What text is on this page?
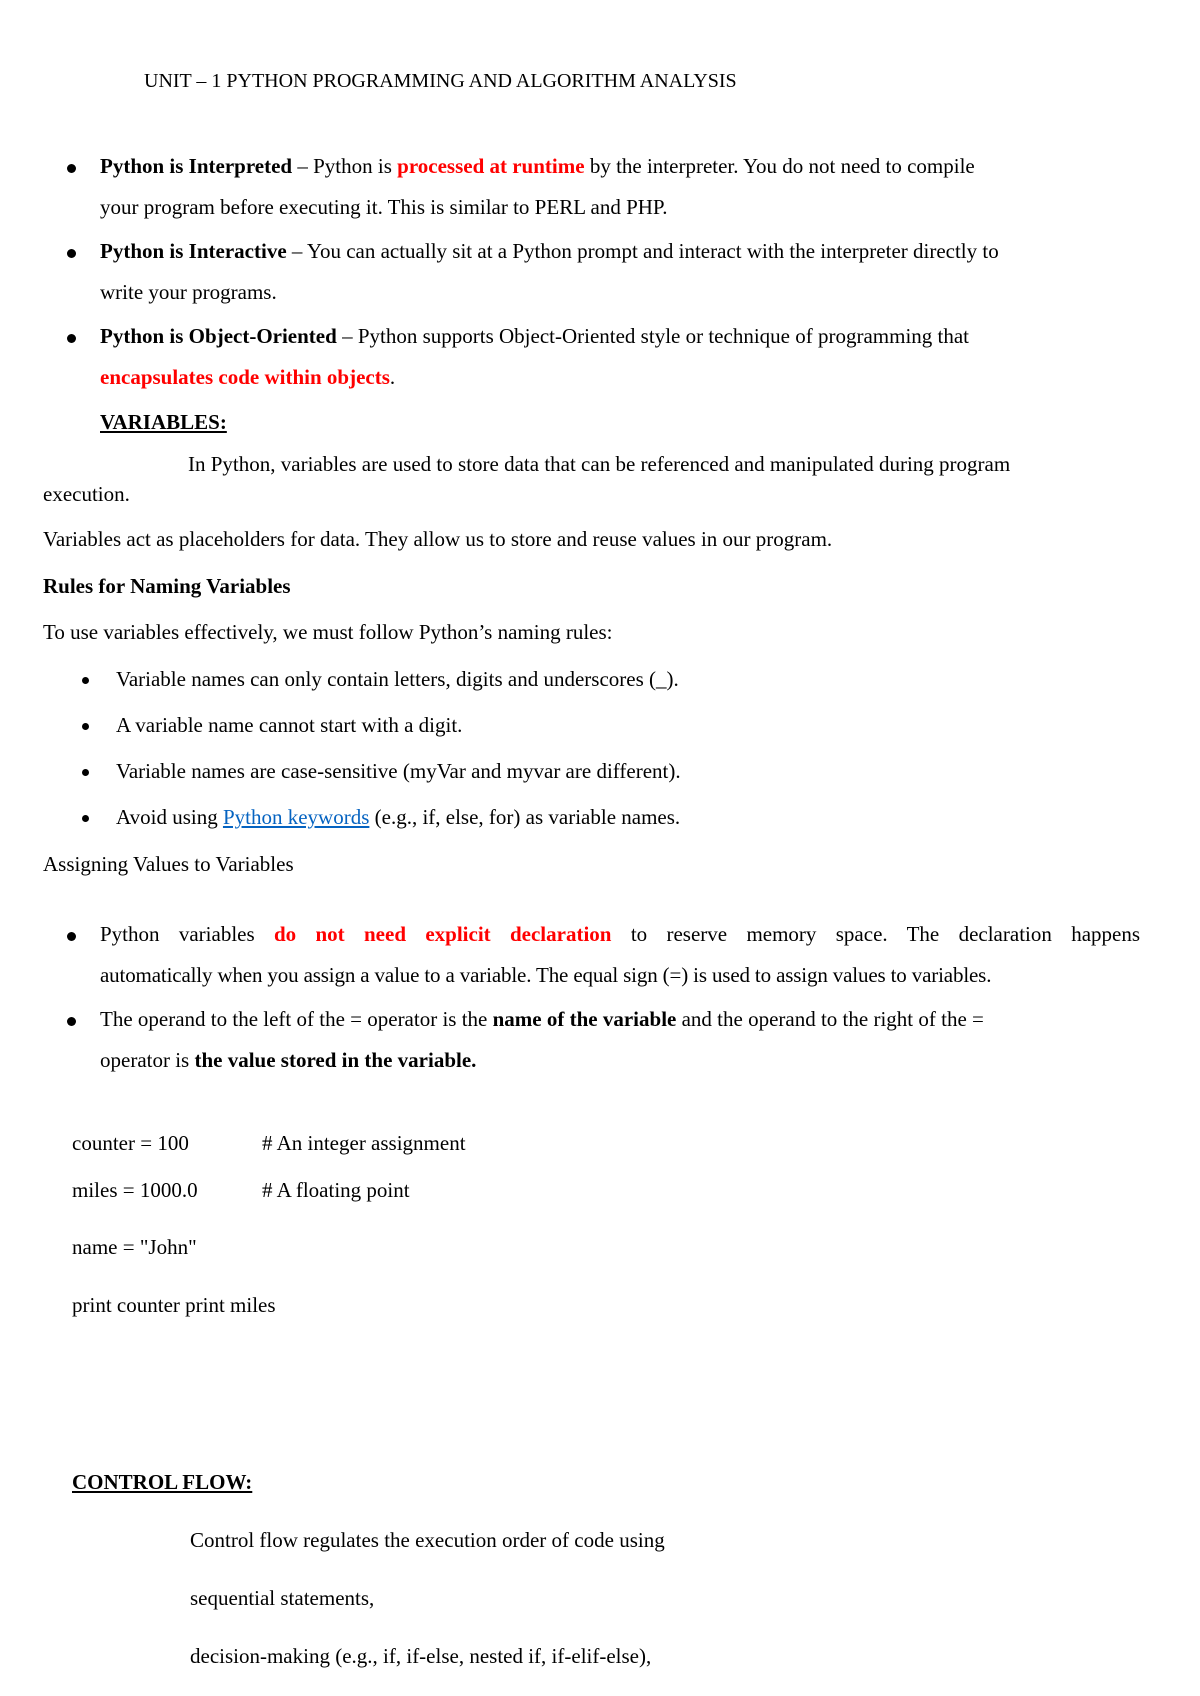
UNIT – 1 PYTHON PROGRAMMING AND ALGORITHM ANALYSIS
Python is Interpreted – Python is processed at runtime by the interpreter. You do not need to compile
your program before executing it. This is similar to PERL and PHP.
Python is Interactive – You can actually sit at a Python prompt and interact with the interpreter directly to
write your programs.
Python is Object-Oriented – Python supports Object-Oriented style or technique of programming that
encapsulates code within objects.
VARIABLES:
In Python, variables are used to store data that can be referenced and manipulated during program
execution.
Variables act as placeholders for data. They allow us to store and reuse values in our program.
Rules for Naming Variables
To use variables effectively, we must follow Python’s naming rules:
Variable names can only contain letters, digits and underscores (_).
A variable name cannot start with a digit.
Variable names are case-sensitive (myVar and myvar are different).
Avoid using Python keywords (e.g., if, else, for) as variable names.
Assigning Values to Variables
Python variables do not need explicit declaration to reserve memory space. The declaration happens
automatically when you assign a value to a variable. The equal sign (=) is used to assign values to variables.
The operand to the left of the = operator is the name of the variable and the operand to the right of the =
operator is the value stored in the variable.
counter = 100	# An integer assignment
miles = 1000.0	# A floating point
name = "John"
print counter print miles
CONTROL FLOW:
Control flow regulates the execution order of code using
sequential statements,
decision-making (e.g., if, if-else, nested if, if-elif-else),
